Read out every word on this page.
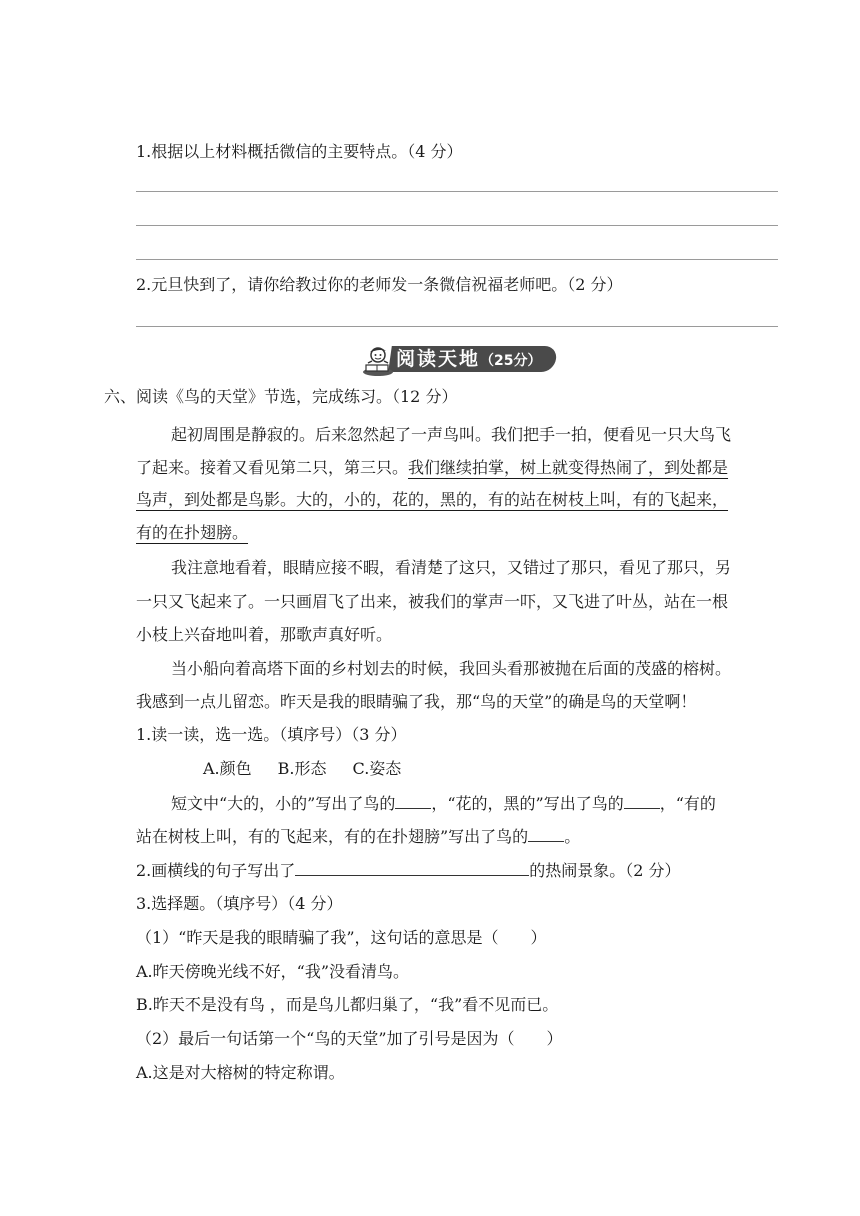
1.根据以上材料概括微信的主要特点。（4 分）
2.元旦快到了，请你给教过你的老师发一条微信祝福老师吧。（2 分）
阅读天地（25分）
六、阅读《鸟的天堂》节选，完成练习。（12 分）
起初周围是静寂的。后来忽然起了一声鸟叫。我们把手一拍，便看见一只大鸟飞
了起来。接着又看见第二只，第三只。我们继续拍掌，树上就变得热闹了，到处都是
鸟声，到处都是鸟影。大的，小的，花的，黑的，有的站在树枝上叫，有的飞起来，
有的在扑翅膀。
我注意地看着，眼睛应接不暇，看清楚了这只，又错过了那只，看见了那只，另
一只又飞起来了。一只画眉飞了出来，被我们的掌声一吓，又飞进了叶丛，站在一根
小枝上兴奋地叫着，那歌声真好听。
当小船向着高塔下面的乡村划去的时候，我回头看那被抛在后面的茂盛的榕树。
我感到一点儿留恋。昨天是我的眼睛骗了我，那“鸟的天堂”的确是鸟的天堂啊！
1.读一读，选一选。（填序号）（3 分）
A.颜色 B.形态 C.姿态
短文中“大的，小的”写出了鸟的 ，“花的，黑的”写出了鸟的 ，“有的
站在树枝上叫，有的飞起来，有的在扑翅膀”写出了鸟的 。
2.画横线的句子写出了	的热闹景象。（2 分）
3.选择题。（填序号）（4 分）
（1）“昨天是我的眼睛骗了我”，这句话的意思是（　　）
A.昨天傍晚光线不好，“我”没看清鸟。
B.昨天不是没有鸟 ，而是鸟儿都归巢了，“我”看不见而已。
（2）最后一句话第一个“鸟的天堂”加了引号是因为（　　）
A.这是对大榕树的特定称谓。
